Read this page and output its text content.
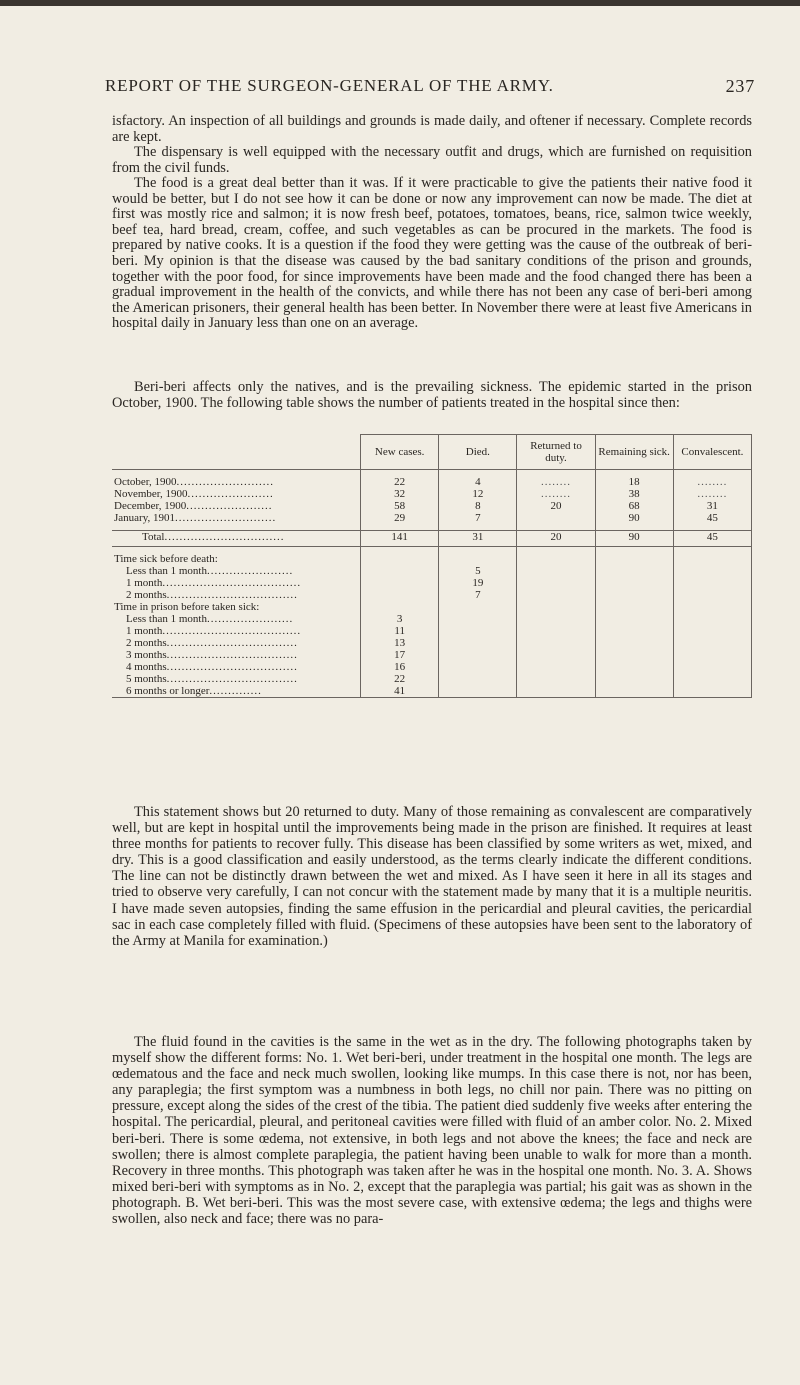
REPORT OF THE SURGEON-GENERAL OF THE ARMY.	237

isfactory. An inspection of all buildings and grounds is made daily, and oftener if necessary. Complete records are kept.

The dispensary is well equipped with the necessary outfit and drugs, which are furnished on requisition from the civil funds.

The food is a great deal better than it was. If it were practicable to give the patients their native food it would be better, but I do not see how it can be done or now any improvement can now be made. The diet at first was mostly rice and salmon; it is now fresh beef, potatoes, tomatoes, beans, rice, salmon twice weekly, beef tea, hard bread, cream, coffee, and such vegetables as can be procured in the markets. The food is prepared by native cooks. It is a question if the food they were getting was the cause of the outbreak of beri-beri. My opinion is that the disease was caused by the bad sanitary conditions of the prison and grounds, together with the poor food, for since improvements have been made and the food changed there has been a gradual improvement in the health of the convicts, and while there has not been any case of beri-beri among the American prisoners, their general health has been better. In November there were at least five Americans in hospital daily in January less than one on an average.

Beri-beri affects only the natives, and is the prevailing sickness. The epidemic started in the prison October, 1900. The following table shows the number of patients treated in the hospital since then:

	New cases.	Died.	Returned to duty.	Remaining sick.	Convalescent.

October, 1900..........................	22	4	........	18	........
November, 1900.......................	32	12	........	38	........
December, 1900.......................	58	8	20	68	31
January, 1901...........................	29	7		90	45

Total................................	141	31	20	90	45

Time sick before death:					
Less than 1 month.......................		5			
1 month.....................................		19			
2 months...................................		7			
Time in prison before taken sick:					
Less than 1 month.......................	3				
1 month.....................................	11				
2 months...................................	13				
3 months...................................	17				
4 months...................................	16				
5 months...................................	22				
6 months or longer..............	41				

This statement shows but 20 returned to duty. Many of those remaining as convalescent are comparatively well, but are kept in hospital until the improvements being made in the prison are finished. It requires at least three months for patients to recover fully. This disease has been classified by some writers as wet, mixed, and dry. This is a good classification and easily understood, as the terms clearly indicate the different conditions. The line can not be distinctly drawn between the wet and mixed. As I have seen it here in all its stages and tried to observe very carefully, I can not concur with the statement made by many that it is a multiple neuritis. I have made seven autopsies, finding the same effusion in the pericardial and pleural cavities, the pericardial sac in each case completely filled with fluid. (Specimens of these autopsies have been sent to the laboratory of the Army at Manila for examination.)

The fluid found in the cavities is the same in the wet as in the dry. The following photographs taken by myself show the different forms: No. 1. Wet beri-beri, under treatment in the hospital one month. The legs are œdematous and the face and neck much swollen, looking like mumps. In this case there is not, nor has been, any paraplegia; the first symptom was a numbness in both legs, no chill nor pain. There was no pitting on pressure, except along the sides of the crest of the tibia. The patient died suddenly five weeks after entering the hospital. The pericardial, pleural, and peritoneal cavities were filled with fluid of an amber color. No. 2. Mixed beri-beri. There is some œdema, not extensive, in both legs and not above the knees; the face and neck are swollen; there is almost complete paraplegia, the patient having been unable to walk for more than a month. Recovery in three months. This photograph was taken after he was in the hospital one month. No. 3. A. Shows mixed beri-beri with symptoms as in No. 2, except that the paraplegia was partial; his gait was as shown in the photograph. B. Wet beri-beri. This was the most severe case, with extensive œdema; the legs and thighs were swollen, also neck and face; there was no para-
